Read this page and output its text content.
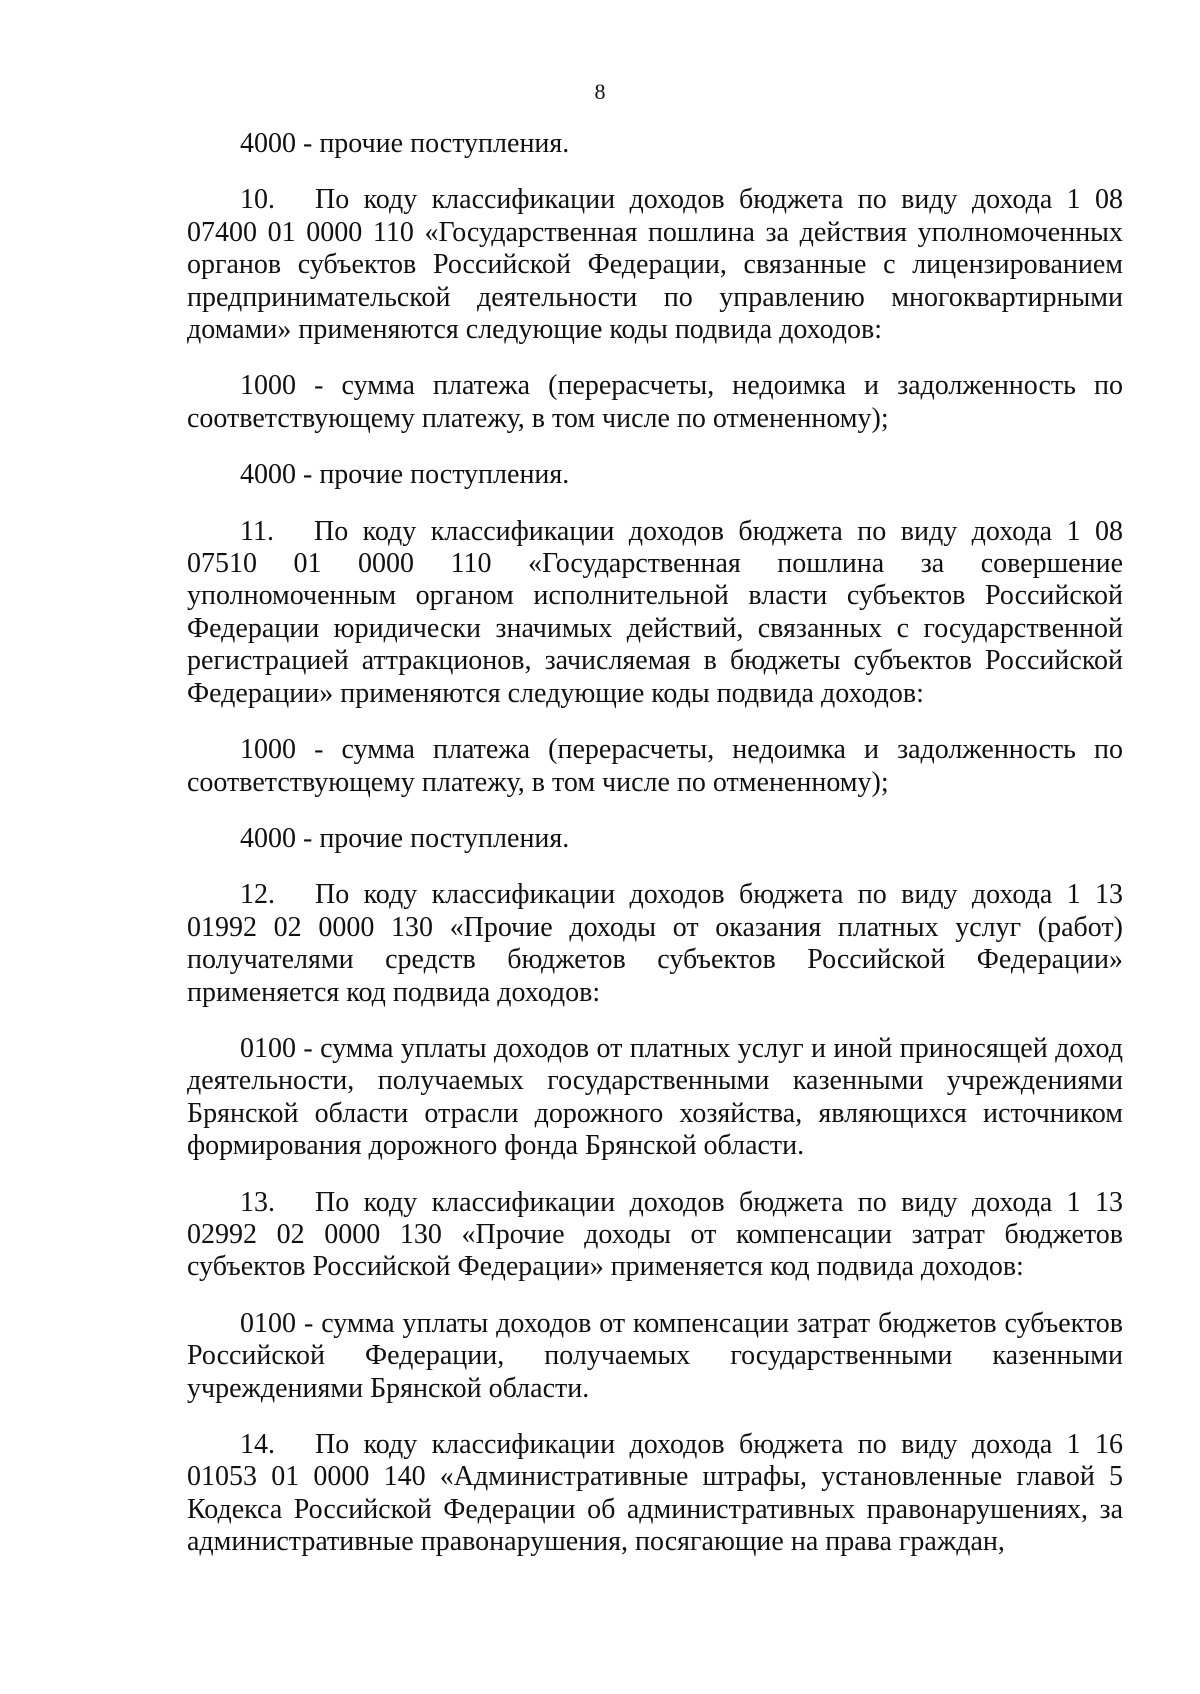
8

4000 - прочие поступления.

10. По коду классификации доходов бюджета по виду дохода 1 08 07400 01 0000 110 «Государственная пошлина за действия уполномоченных органов субъектов Российской Федерации, связанные с лицензированием предпринимательской деятельности по управлению многоквартирными домами» применяются следующие коды подвида доходов:

1000 - сумма платежа (перерасчеты, недоимка и задолженность по соответствующему платежу, в том числе по отмененному);

4000 - прочие поступления.

11. По коду классификации доходов бюджета по виду дохода 1 08 07510 01 0000 110 «Государственная пошлина за совершение уполномоченным органом исполнительной власти субъектов Российской Федерации юридически значимых действий, связанных с государственной регистрацией аттракционов, зачисляемая в бюджеты субъектов Российской Федерации» применяются следующие коды подвида доходов:

1000 - сумма платежа (перерасчеты, недоимка и задолженность по соответствующему платежу, в том числе по отмененному);

4000 - прочие поступления.

12. По коду классификации доходов бюджета по виду дохода 1 13 01992 02 0000 130 «Прочие доходы от оказания платных услуг (работ) получателями средств бюджетов субъектов Российской Федерации» применяется код подвида доходов:

0100 - сумма уплаты доходов от платных услуг и иной приносящей доход деятельности, получаемых государственными казенными учреждениями Брянской области отрасли дорожного хозяйства, являющихся источником формирования дорожного фонда Брянской области.

13. По коду классификации доходов бюджета по виду дохода 1 13 02992 02 0000 130 «Прочие доходы от компенсации затрат бюджетов субъектов Российской Федерации» применяется код подвида доходов:

0100 - сумма уплаты доходов от компенсации затрат бюджетов субъектов Российской Федерации, получаемых государственными казенными учреждениями Брянской области.

14. По коду классификации доходов бюджета по виду дохода 1 16 01053 01 0000 140 «Административные штрафы, установленные главой 5 Кодекса Российской Федерации об административных правонарушениях, за административные правонарушения, посягающие на права граждан,
